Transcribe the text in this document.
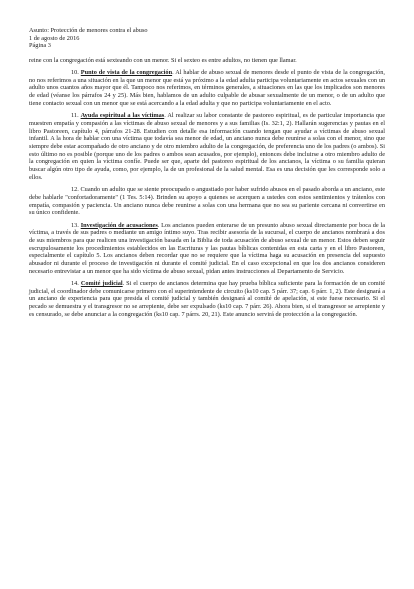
Asunto: Protección de menores contra el abuso
1 de agosto de 2016
Página 3

reine con la congregación está sexteando con un menor. Si el sexteo es entre adultos, no tienen que llamar.

10. Punto de vista de la congregación. Al hablar de abuso sexual de menores desde el punto de vista de la congregación, no nos referimos a una situación en la que un menor que está ya próximo a la edad adulta participa voluntariamente en actos sexuales con un adulto unos cuantos años mayor que él. Tampoco nos referimos, en términos generales, a situaciones en las que los implicados son menores de edad (véanse los párrafos 24 y 25). Más bien, hablamos de un adulto culpable de abusar sexualmente de un menor, o de un adulto que tiene contacto sexual con un menor que se está acercando a la edad adulta y que no participa voluntariamente en el acto.

11. Ayuda espiritual a las víctimas. Al realizar su labor constante de pastoreo espiritual, es de particular importancia que muestren empatía y compasión a las víctimas de abuso sexual de menores y a sus familias (Is. 32:1, 2). Hallarán sugerencias y pautas en el libro Pastoreen, capítulo 4, párrafos 21-28. Estudien con detalle esa información cuando tengan que ayudar a víctimas de abuso sexual infantil. A la hora de hablar con una víctima que todavía sea menor de edad, un anciano nunca debe reunirse a solas con el menor, sino que siempre debe estar acompañado de otro anciano y de otro miembro adulto de la congregación, de preferencia uno de los padres (o ambos). Si esto último no es posible (porque uno de los padres o ambos sean acusados, por ejemplo), entonces debe incluirse a otro miembro adulto de la congregación en quien la víctima confíe. Puede ser que, aparte del pastoreo espiritual de los ancianos, la víctima o su familia quieran buscar algún otro tipo de ayuda, como, por ejemplo, la de un profesional de la salud mental. Esa es una decisión que les corresponde solo a ellos.

12. Cuando un adulto que se siente preocupado o angustiado por haber sufrido abusos en el pasado aborda a un anciano, este debe hablarle "confortadoramente" (1 Tes. 5:14). Brinden su apoyo a quienes se acerquen a ustedes con estos sentimientos y trátenlos con empatía, compasión y paciencia. Un anciano nunca debe reunirse a solas con una hermana que no sea su pariente cercana ni convertirse en su único confidente.

13. Investigación de acusaciones. Los ancianos pueden enterarse de un presunto abuso sexual directamente por boca de la víctima, a través de sus padres o mediante un amigo íntimo suyo. Tras recibir asesoría de la sucursal, el cuerpo de ancianos nombrará a dos de sus miembros para que realicen una investigación basada en la Biblia de toda acusación de abuso sexual de un menor. Estos deben seguir escrupulosamente los procedimientos establecidos en las Escrituras y las pautas bíblicas contenidas en esta carta y en el libro Pastoreen, especialmente el capítulo 5. Los ancianos deben recordar que no se requiere que la víctima haga su acusación en presencia del supuesto abusador ni durante el proceso de investigación ni durante el comité judicial. En el caso excepcional en que los dos ancianos consideren necesario entrevistar a un menor que ha sido víctima de abuso sexual, pidan antes instrucciones al Departamento de Servicio.

14. Comité judicial. Si el cuerpo de ancianos determina que hay prueba bíblica suficiente para la formación de un comité judicial, el coordinador debe comunicarse primero con el superintendente de circuito (ks10 cap. 5 párr. 37; cap. 6 párr. 1, 2). Este designará a un anciano de experiencia para que presida el comité judicial y también designará al comité de apelación, si este fuese necesario. Si el pecado se demuestra y el transgresor no se arrepiente, debe ser expulsado (ks10 cap. 7 párr. 26). Ahora bien, si el transgresor se arrepiente y es censurado, se debe anunciar a la congregación (ks10 cap. 7 párrs. 20, 21). Este anuncio servirá de protección a la congregación.
